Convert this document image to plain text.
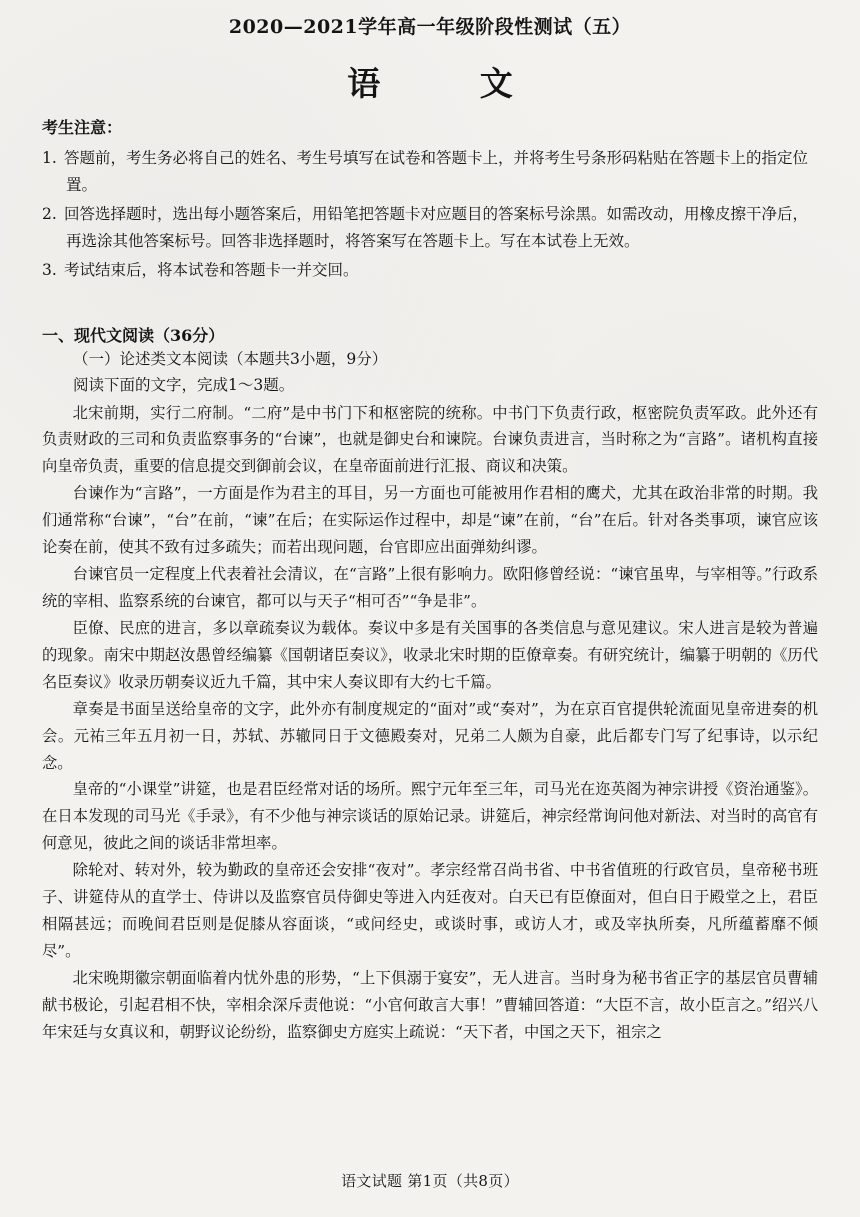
2020—2021学年高一年级阶段性测试（五）
语 文
考生注意：
1. 答题前，考生务必将自己的姓名、考生号填写在试卷和答题卡上，并将考生号条形码粘贴在答题卡上的指定位置。
2. 回答选择题时，选出每小题答案后，用铅笔把答题卡对应题目的答案标号涂黑。如需改动，用橡皮擦干净后，再选涂其他答案标号。回答非选择题时，将答案写在答题卡上。写在本试卷上无效。
3. 考试结束后，将本试卷和答题卡一并交回。
一、现代文阅读（36分）
（一）论述类文本阅读（本题共3小题，9分）
阅读下面的文字，完成1～3题。

北宋前期，实行二府制。“二府”是中书门下和枢密院的统称。中书门下负责行政，枢密院负责军政。此外还有负责财政的三司和负责监察事务的“台谏”，也就是御史台和谏院。台谏负责进言，当时称之为“言路”。诸机构直接向皇帝负责，重要的信息提交到御前会议，在皇帝面前进行汇报、商议和决策。

台谏作为“言路”，一方面是作为君主的耳目，另一方面也可能被用作君相的鹰犬，尤其在政治非常的时期。我们通常称“台谏”，“台”在前，“谏”在后；在实际运作过程中，却是“谏”在前，“台”在后。针对各类事项，谏官应该论奏在前，使其不致有过多疏失；而若出现问题，台官即应出面弹劾纠谬。

台谏官员一定程度上代表着社会清议，在“言路”上很有影响力。欧阳修曾经说：“谏官虽卑，与宰相等。”行政系统的宰相、监察系统的台谏官，都可以与天子“相可否”“争是非”。

臣僚、民庶的进言，多以章疏奏议为载体。奏议中多是有关国事的各类信息与意见建议。宋人进言是较为普遍的现象。南宋中期赵汝愚曾经编纂《国朝诸臣奏议》，收录北宋时期的臣僚章奏。有研究统计，编纂于明朝的《历代名臣奏议》收录历朝奏议近九千篇，其中宋人奏议即有大约七千篇。

章奏是书面呈送给皇帝的文字，此外亦有制度规定的“面对”或“奏对”，为在京百官提供轮流面见皇帝进奏的机会。元祐三年五月初一日，苏轼、苏辙同日于文德殿奏对，兄弟二人颇为自豪，此后都专门写了纪事诗，以示纪念。

皇帝的“小课堂”讲筵，也是君臣经常对话的场所。熙宁元年至三年，司马光在迩英阁为神宗讲授《资治通鉴》。在日本发现的司马光《手录》，有不少他与神宗谈话的原始记录。讲筵后，神宗经常询问他对新法、对当时的高官有何意见，彼此之间的谈话非常坦率。

除轮对、转对外，较为勤政的皇帝还会安排“夜对”。孝宗经常召尚书省、中书省值班的行政官员，皇帝秘书班子、讲筵侍从的直学士、侍讲以及监察官员侍御史等进入内廷夜对。白天已有臣僚面对，但白日于殿堂之上，君臣相隔甚远；而晚间君臣则是促膝从容面谈，“或问经史，或谈时事，或访人才，或及宰执所奏，凡所蕴蓄靡不倾尽”。

北宋晚期徽宗朝面临着内忧外患的形势，“上下俱溺于宴安”，无人进言。当时身为秘书省正字的基层官员曹辅献书极论，引起君相不快，宰相余深斥责他说：“小官何敢言大事！”曹辅回答道：“大臣不言，故小臣言之。”绍兴八年宋廷与女真议和，朝野议论纷纷，监察御史方庭实上疏说：“天下者，中国之天下，祖宗之

语文试题 第1页（共8页）
